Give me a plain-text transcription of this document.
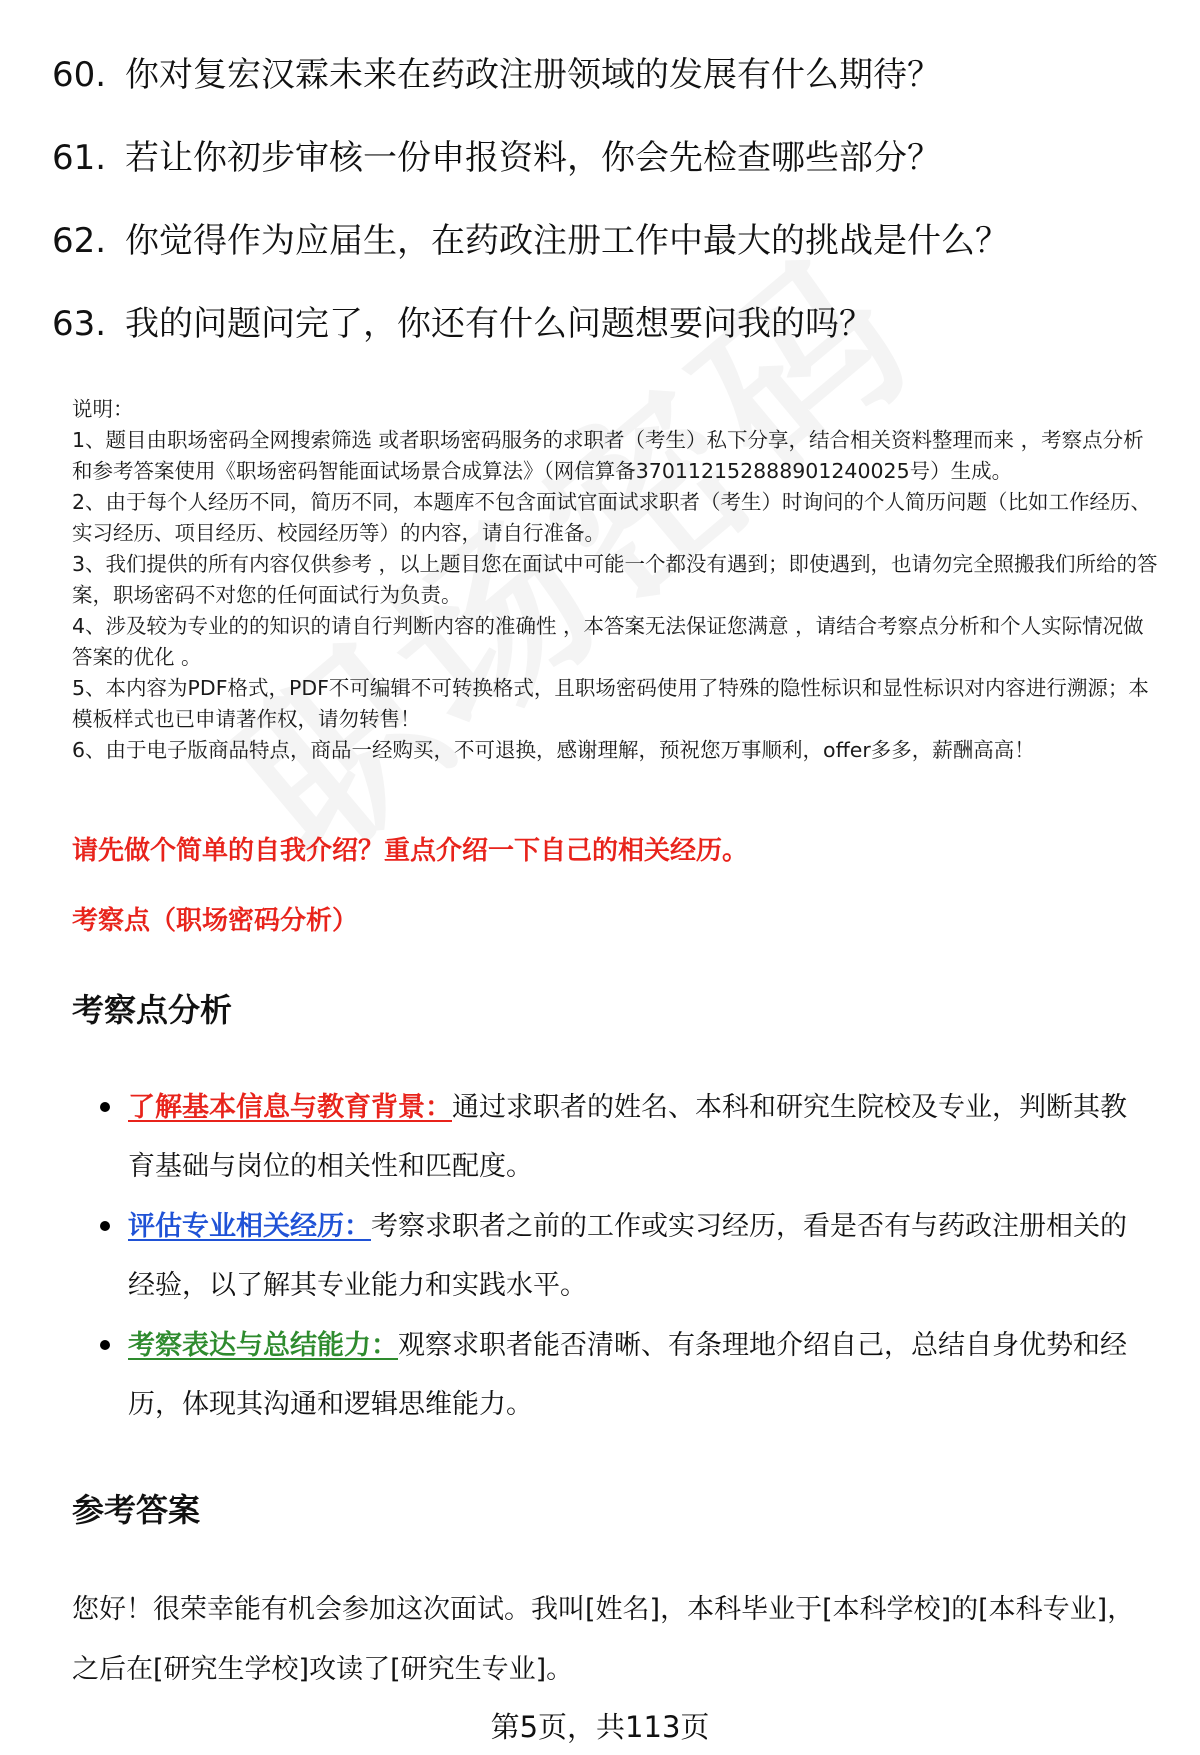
60. 你对复宏汉霖未来在药政注册领域的发展有什么期待？
61. 若让你初步审核一份申报资料，你会先检查哪些部分？
62. 你觉得作为应届生，在药政注册工作中最大的挑战是什么？
63. 我的问题问完了，你还有什么问题想要问我的吗？

说明：

1、题目由职场密码全网搜索筛选 或者职场密码服务的求职者（考生）私下分享，结合相关资料整理而来 ，考察点分析和参考答案使用《职场密码智能面试场景合成算法》（网信算备370112152888901240025号）生成。

2、由于每个人经历不同，简历不同，本题库不包含面试官面试求职者（考生）时询问的个人简历问题（比如工作经历、实习经历、项目经历、校园经历等）的内容，请自行准备。

3、我们提供的所有内容仅供参考 ，以上题目您在面试中可能一个都没有遇到；即使遇到，也请勿完全照搬我们所给的答案，职场密码不对您的任何面试行为负责。

4、涉及较为专业的的知识的请自行判断内容的准确性 ，本答案无法保证您满意 ，请结合考察点分析和个人实际情况做答案的优化 。

5、本内容为PDF格式，PDF不可编辑不可转换格式，且职场密码使用了特殊的隐性标识和显性标识对内容进行溯源；本模板样式也已申请著作权，请勿转售！

6、由于电子版商品特点，商品一经购买，不可退换，感谢理解，预祝您万事顺利，offer多多，薪酬高高！

请先做个简单的自我介绍？重点介绍一下自己的相关经历。
考察点（职场密码分析）
考察点分析
了解基本信息与教育背景：通过求职者的姓名、本科和研究生院校及专业，判断其教育基础与岗位的相关性和匹配度。
评估专业相关经历：考察求职者之前的工作或实习经历，看是否有与药政注册相关的经验，以了解其专业能力和实践水平。
考察表达与总结能力：观察求职者能否清晰、有条理地介绍自己，总结自身优势和经历，体现其沟通和逻辑思维能力。
参考答案

您好！很荣幸能有机会参加这次面试。我叫[姓名]，本科毕业于[本科学校]的[本科专业]，之后在[研究生学校]攻读了[研究生专业]。

第5页，共113页
